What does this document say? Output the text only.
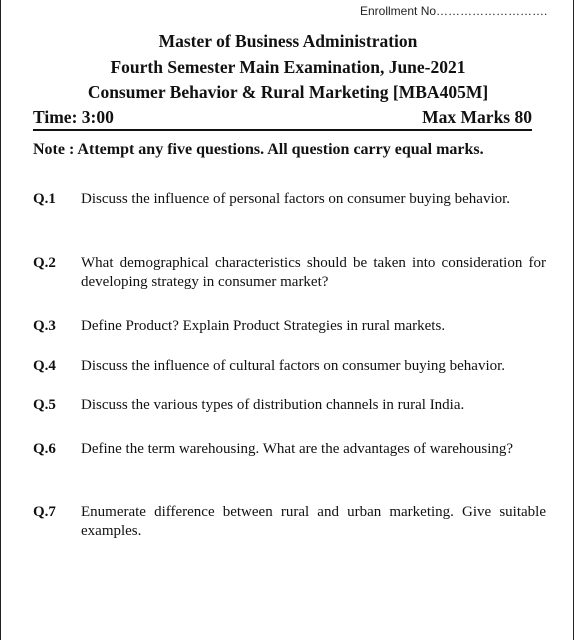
Enrollment No……………………….
Master of Business Administration
Fourth Semester Main Examination, June-2021
Consumer Behavior & Rural Marketing [MBA405M]
Time: 3:00	Max Marks 80
Note : Attempt any five questions. All question carry equal marks.
Q.1 Discuss the influence of personal factors on consumer buying behavior.
Q.2 What demographical characteristics should be taken into consideration for developing strategy in consumer market?
Q.3 Define Product? Explain Product Strategies in rural markets.
Q.4 Discuss the influence of cultural factors on consumer buying behavior.
Q.5 Discuss the various types of distribution channels in rural India.
Q.6 Define the term warehousing. What are the advantages of warehousing?
Q.7 Enumerate difference between rural and urban marketing. Give suitable examples.
